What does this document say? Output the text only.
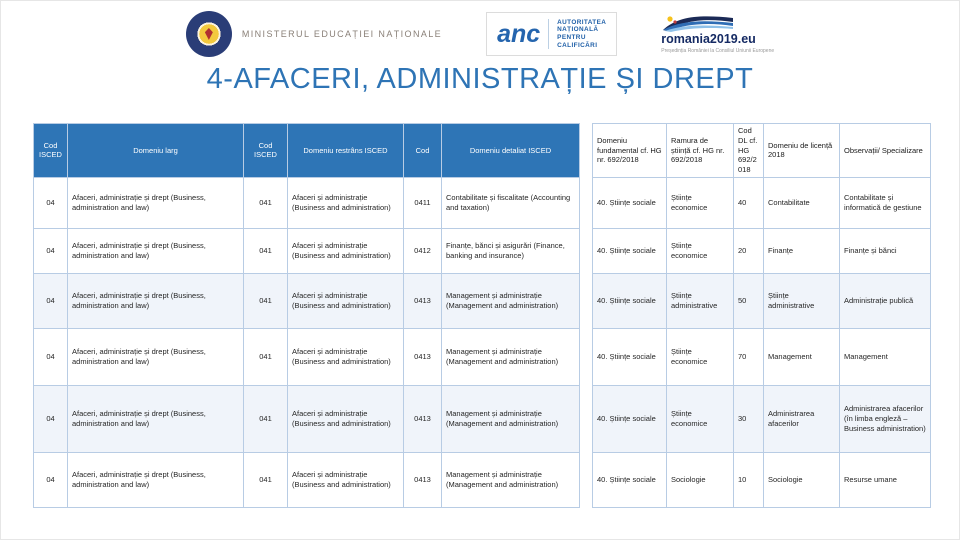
MINISTERUL EDUCAȚIEI NAȚIONALE anc	AUTORITATEA
NAȚIONALĂ
PENTRU
CALIFICĂRI	romania2019.eu
Președinția României la Consiliul Uniunii Europene
4-AFACERI, ADMINISTRAȚIE ȘI DREPT
Cod ISCED	Domeniu larg	Cod ISCED	Domeniu restrâns ISCED	Cod	Domeniu detaliat ISCED		Domeniu fundamental cf. HG nr. 692/2018	Ramura de știință cf. HG nr. 692/2018	Cod DL cf. HG 692/2018	Domeniu de licență 2018	Observații/ Specializare
04	Afaceri, administrație și drept (Business, administration and law)	041	Afaceri și administrație (Business and administration)	0411	Contabilitate și fiscalitate (Accounting and taxation)		40. Științe sociale	Științe economice	40	Contabilitate	Contabilitate și informatică de gestiune
04	Afaceri, administrație și drept (Business, administration and law)	041	Afaceri și administrație (Business and administration)	0412	Finanțe, bănci și asigurări (Finance, banking and insurance)		40. Științe sociale	Științe economice	20	Finanțe	Finanțe și bănci
04	Afaceri, administrație și drept (Business, administration and law)	041	Afaceri și administrație (Business and administration)	0413	Management și administrație (Management and administration)		40. Științe sociale	Științe administrative	50	Științe administrative	Administrație publică
04	Afaceri, administrație și drept (Business, administration and law)	041	Afaceri și administrație (Business and administration)	0413	Management și administrație (Management and administration)		40. Științe sociale	Științe economice	70	Management	Management
04	Afaceri, administrație și drept (Business, administration and law)	041	Afaceri și administrație (Business and administration)	0413	Management și administrație (Management and administration)		40. Științe sociale	Științe economice	30	Administrarea afacerilor	Administrarea afacerilor (în limba engleză – Business administration)
04	Afaceri, administrație și drept (Business, administration and law)	041	Afaceri și administrație (Business and administration)	0413	Management și administrație (Management and administration)		40. Științe sociale	Sociologie	10	Sociologie	Resurse umane
